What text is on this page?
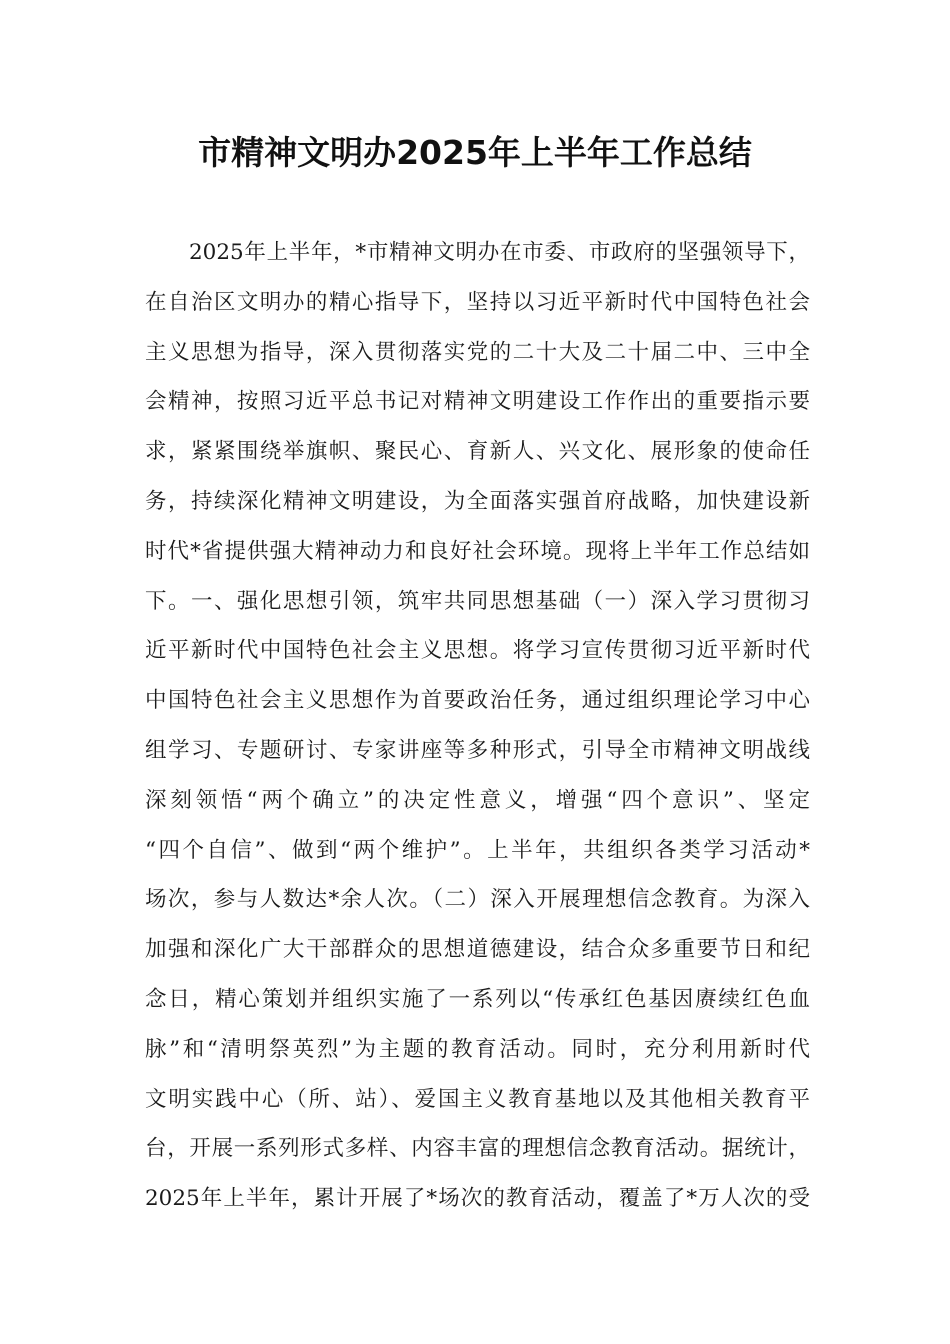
市精神文明办2025年上半年工作总结
2025年上半年，*市精神文明办在市委、市政府的坚强领导下，
在自治区文明办的精心指导下，坚持以习近平新时代中国特色社会
主义思想为指导，深入贯彻落实党的二十大及二十届二中、三中全
会精神，按照习近平总书记对精神文明建设工作作出的重要指示要
求，紧紧围绕举旗帜、聚民心、育新人、兴文化、展形象的使命任
务，持续深化精神文明建设，为全面落实强首府战略，加快建设新
时代*省提供强大精神动力和良好社会环境。现将上半年工作总结如
下。一、强化思想引领，筑牢共同思想基础（一）深入学习贯彻习
近平新时代中国特色社会主义思想。将学习宣传贯彻习近平新时代
中国特色社会主义思想作为首要政治任务，通过组织理论学习中心
组学习、专题研讨、专家讲座等多种形式，引导全市精神文明战线
深刻领悟“两个确立”的决定性意义，增强“四个意识”、坚定
“四个自信”、做到“两个维护”。上半年，共组织各类学习活动*
场次，参与人数达*余人次。（二）深入开展理想信念教育。为深入
加强和深化广大干部群众的思想道德建设，结合众多重要节日和纪
念日，精心策划并组织实施了一系列以“传承红色基因赓续红色血
脉”和“清明祭英烈”为主题的教育活动。同时，充分利用新时代
文明实践中心（所、站）、爱国主义教育基地以及其他相关教育平
台，开展一系列形式多样、内容丰富的理想信念教育活动。据统计，
2025年上半年，累计开展了*场次的教育活动，覆盖了*万人次的受
